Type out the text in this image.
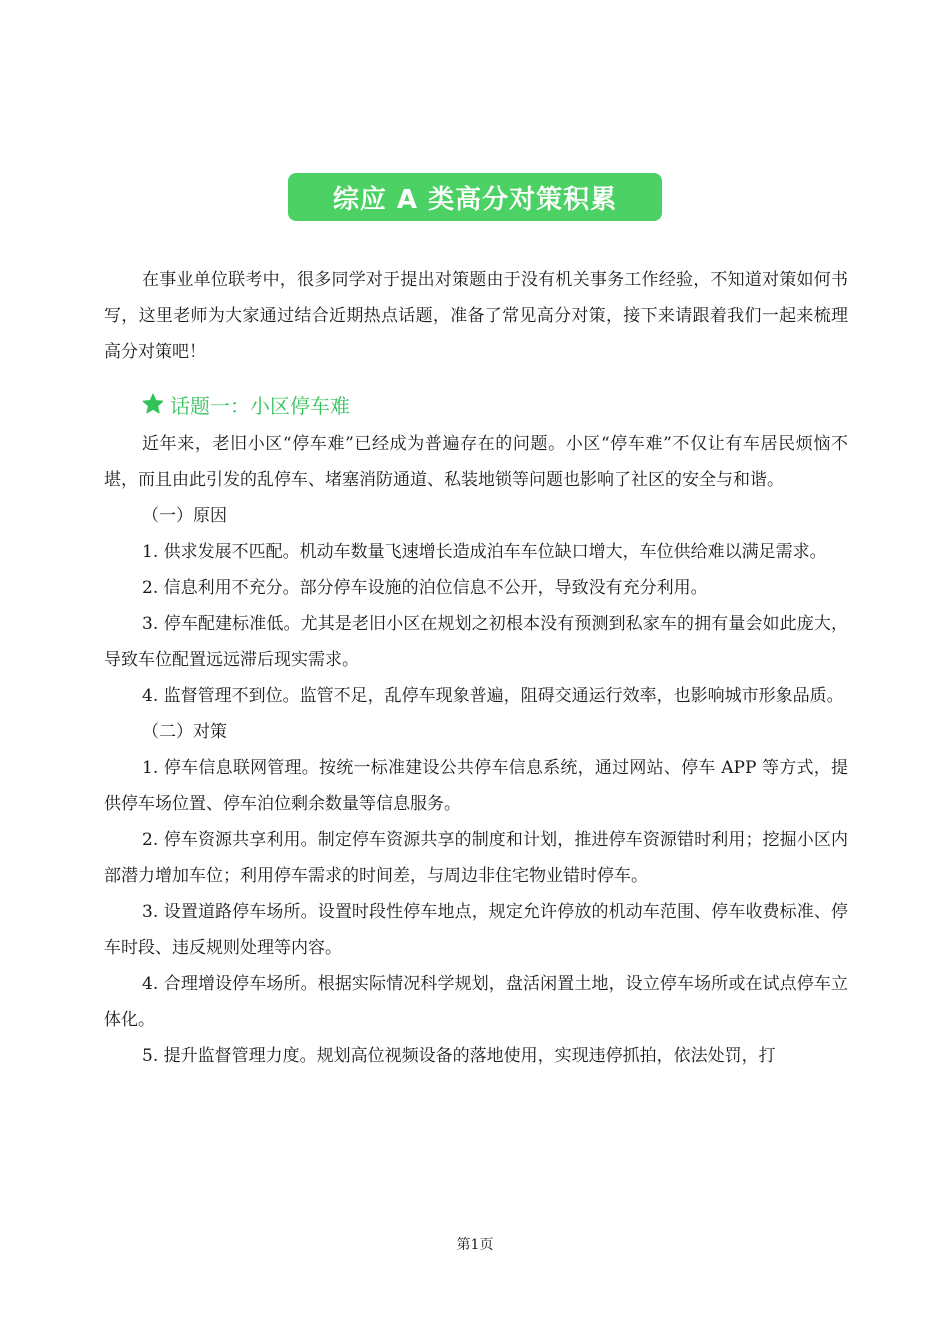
综应 A 类高分对策积累

在事业单位联考中，很多同学对于提出对策题由于没有机关事务工作经验，不知道对策如何书写，这里老师为大家通过结合近期热点话题，准备了常见高分对策，接下来请跟着我们一起来梳理高分对策吧！

话题一：小区停车难

近年来，老旧小区“停车难”已经成为普遍存在的问题。小区“停车难”不仅让有车居民烦恼不堪，而且由此引发的乱停车、堵塞消防通道、私装地锁等问题也影响了社区的安全与和谐。

（一）原因

1. 供求发展不匹配。机动车数量飞速增长造成泊车车位缺口增大，车位供给难以满足需求。

2. 信息利用不充分。部分停车设施的泊位信息不公开，导致没有充分利用。

3. 停车配建标准低。尤其是老旧小区在规划之初根本没有预测到私家车的拥有量会如此庞大，导致车位配置远远滞后现实需求。

4. 监督管理不到位。监管不足，乱停车现象普遍，阻碍交通运行效率，也影响城市形象品质。

（二）对策

1. 停车信息联网管理。按统一标准建设公共停车信息系统，通过网站、停车 APP 等方式，提供停车场位置、停车泊位剩余数量等信息服务。

2. 停车资源共享利用。制定停车资源共享的制度和计划，推进停车资源错时利用；挖掘小区内部潜力增加车位；利用停车需求的时间差，与周边非住宅物业错时停车。

3. 设置道路停车场所。设置时段性停车地点，规定允许停放的机动车范围、停车收费标准、停车时段、违反规则处理等内容。

4. 合理增设停车场所。根据实际情况科学规划，盘活闲置土地，设立停车场所或在试点停车立体化。

5. 提升监督管理力度。规划高位视频设备的落地使用，实现违停抓拍，依法处罚，打

第1页
